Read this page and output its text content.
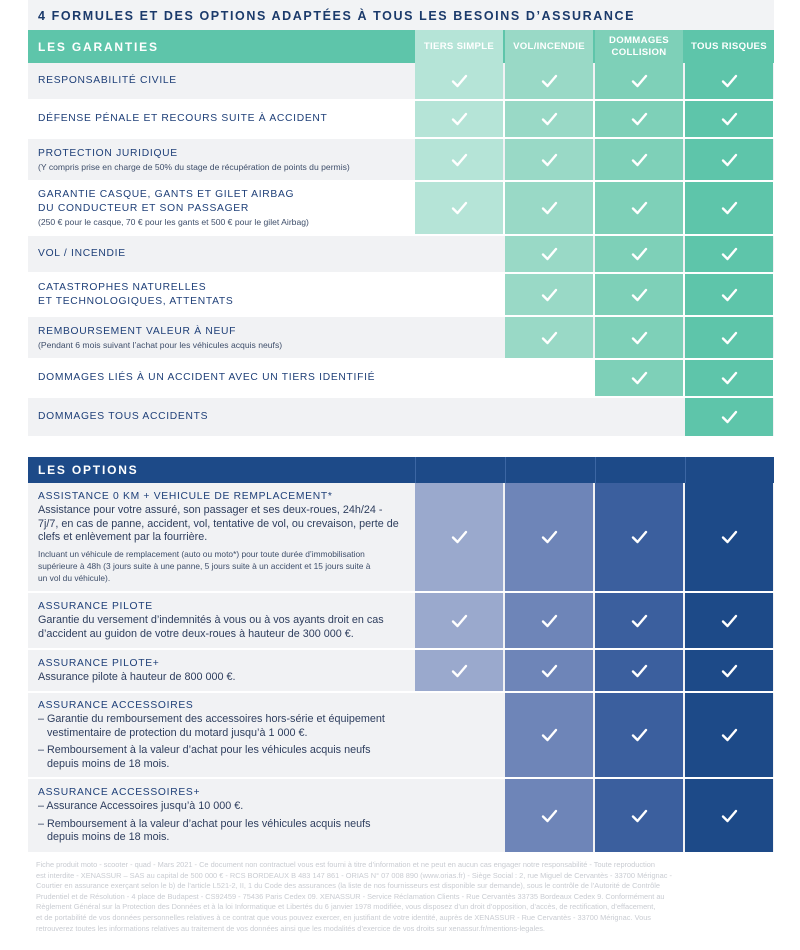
4 FORMULES ET DES OPTIONS ADAPTÉES À TOUS LES BESOINS D’ASSURANCE
LES GARANTIES	TIERS SIMPLE	VOL/INCENDIE
DOMMAGES COLLISION
TOUS RISQUES
RESPONSABILITÉ CIVILE
DÉFENSE PÉNALE ET RECOURS SUITE À ACCIDENT
PROTECTION JURIDIQUE
(Y compris prise en charge de 50% du stage de récupération de points du permis)
GARANTIE CASQUE, GANTS ET GILET AIRBAG
DU CONDUCTEUR ET SON PASSAGER
(250 € pour le casque, 70 € pour les gants et 500 € pour le gilet Airbag)
VOL / INCENDIE
CATASTROPHES NATURELLES
ET TECHNOLOGIQUES, ATTENTATS
REMBOURSEMENT VALEUR À NEUF
(Pendant 6 mois suivant l’achat pour les véhicules acquis neufs)
DOMMAGES LIÉS À UN ACCIDENT AVEC UN TIERS IDENTIFIÉ
DOMMAGES TOUS ACCIDENTS
LES OPTIONS
ASSISTANCE 0 KM + VEHICULE DE REMPLACEMENT*
Assistance pour votre assuré, son passager et ses deux-roues, 24h/24 -
7j/7, en cas de panne, accident, vol, tentative de vol, ou crevaison, perte de
clefs et enlèvement par la fourrière.
Incluant un véhicule de remplacement (auto ou moto*) pour toute durée d’immobilisation
supérieure à 48h (3 jours suite à une panne, 5 jours suite à un accident et 15 jours suite à
un vol du véhicule).
ASSURANCE PILOTE
Garantie du versement d’indemnités à vous ou à vos ayants droit en cas
d’accident au guidon de votre deux-roues à hauteur de 300 000 €.
ASSURANCE PILOTE+
Assurance pilote à hauteur de 800 000 €.
ASSURANCE ACCESSOIRES
– Garantie du remboursement des accessoires hors-série et équipement
vestimentaire de protection du motard jusqu’à 1 000 €.
– Remboursement à la valeur d’achat pour les véhicules acquis neufs
depuis moins de 18 mois.
ASSURANCE ACCESSOIRES+
– Assurance Accessoires jusqu’à 10 000 €.
– Remboursement à la valeur d’achat pour les véhicules acquis neufs
depuis moins de 18 mois.
Fiche produit moto - scooter - quad - Mars 2021 - Ce document non contractuel vous est fourni à titre d’information et ne peut en aucun cas engager notre responsabilité - Toute reproduction
est interdite - XENASSUR – SAS au capital de 500 000 € - RCS BORDEAUX B 483 147 861 - ORIAS N° 07 008 890 (www.orias.fr) - Siège Social : 2, rue Miguel de Cervantès - 33700 Mérignac -
Courtier en assurance exerçant selon le b) de l’article L521-2, II, 1 du Code des assurances (la liste de nos fournisseurs est disponible sur demande), sous le contrôle de l’Autorité de Contrôle
Prudentiel et de Résolution - 4 place de Budapest - CS92459 - 75436 Paris Cedex 09. XENASSUR - Service Réclamation Clients - Rue Cervantès 33735 Bordeaux Cedex 9. Conformément au
Règlement Général sur la Protection des Données et à la loi Informatique et Libertés du 6 janvier 1978 modifiée, vous disposez d’un droit d’opposition, d’accès, de rectification, d’effacement,
et de portabilité de vos données personnelles relatives à ce contrat que vous pouvez exercer, en justifiant de votre identité, auprès de XENASSUR - Rue Cervantès - 33700 Mérignac. Vous
retrouverez toutes les informations relatives au traitement de vos données ainsi que les modalités d’exercice de vos droits sur xenassur.fr/mentions-legales.
